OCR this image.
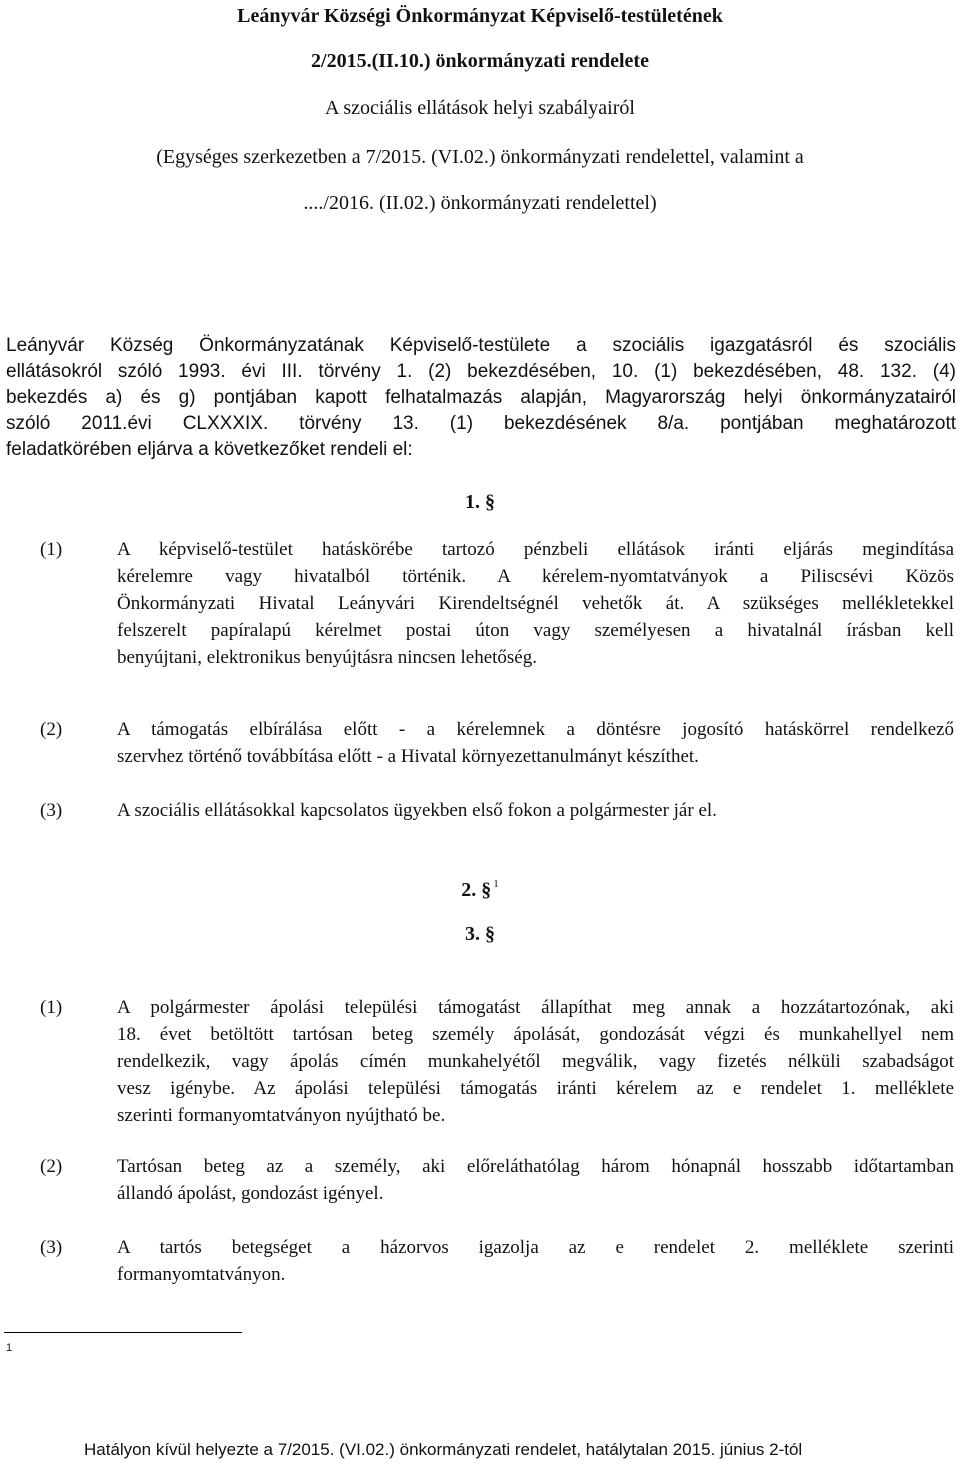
Leányvár Községi Önkormányzat Képviselő-testületének
2/2015.(II.10.) önkormányzati rendelete
A szociális ellátások helyi szabályairól
(Egységes szerkezetben a 7/2015. (VI.02.) önkormányzati rendelettel, valamint a
..../2016. (II.02.) önkormányzati rendelettel)
Leányvár Község Önkormányzatának Képviselő-testülete a szociális igazgatásról és szociális
ellátásokról szóló 1993. évi III. törvény 1. (2) bekezdésében, 10. (1) bekezdésében, 48. 132. (4)
bekezdés a) és g) pontjában kapott felhatalmazás alapján, Magyarország helyi önkormányzatairól
szóló 2011.évi CLXXXIX. törvény 13. (1) bekezdésének 8/a. pontjában meghatározott
feladatkörében eljárva a következőket rendeli el:
1. §
(1)	A képviselő-testület hatáskörébe tartozó pénzbeli ellátások iránti eljárás megindítása
kérelemre vagy hivatalból történik. A kérelem-nyomtatványok a Piliscsévi Közös
Önkormányzati Hivatal Leányvári Kirendeltségnél vehetők át. A szükséges mellékletekkel
felszerelt papíralapú kérelmet postai úton vagy személyesen a hivatalnál írásban kell
benyújtani, elektronikus benyújtásra nincsen lehetőség.
(2)	A támogatás elbírálása előtt - a kérelemnek a döntésre jogosító hatáskörrel rendelkező
szervhez történő továbbítása előtt - a Hivatal környezettanulmányt készíthet.
(3)	A szociális ellátásokkal kapcsolatos ügyekben első fokon a polgármester jár el.
2. § $^1$
3. §
(1)	A polgármester ápolási települési támogatást állapíthat meg annak a hozzátartozónak, aki
18. évet betöltött tartósan beteg személy ápolását, gondozását végzi és munkahellyel nem
rendelkezik, vagy ápolás címén munkahelyétől megválik, vagy fizetés nélküli szabadságot
vesz igénybe. Az ápolási települési támogatás iránti kérelem az e rendelet 1. melléklete
szerinti formanyomtatványon nyújtható be.
(2)	Tartósan beteg az a személy, aki előreláthatólag három hónapnál hosszabb időtartamban
állandó ápolást, gondozást igényel.
(3)	A tartós betegséget a házorvos igazolja az e rendelet 2. melléklete szerinti
formanyomtatványon.
1
Hatályon kívül helyezte a 7/2015. (VI.02.) önkormányzati rendelet, hatálytalan 2015. június 2-tól
